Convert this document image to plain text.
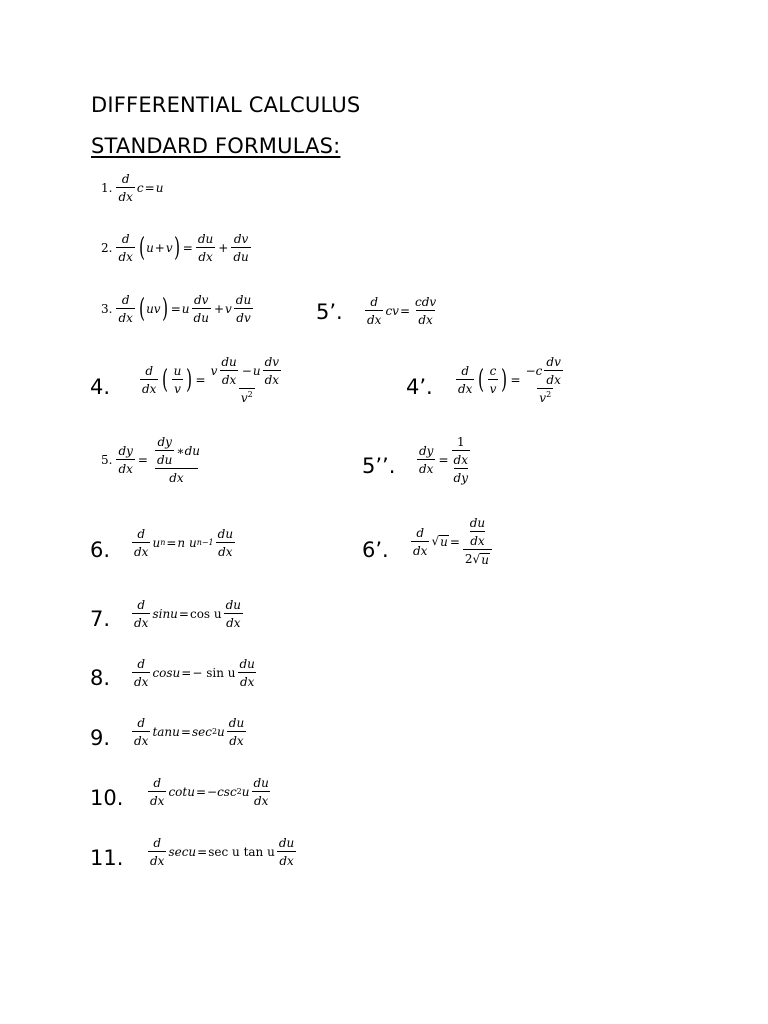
DIFFERENTIAL CALCULUS
STANDARD FORMULAS:
1.
d
dx
c = u
2.
d
dx
( u + v
) = $\frac{du}{dx} + \frac{dv}{du}$
3.
d
dx
( uv
) = u
dv
du
+ v
du
dv	5’. d
dx
cv =
cdv
dx
4.
d
dx
( u
v
)
=
v
du
dx
− u
dv
dx
$v^2$	4’.
d
dx
( c
v
)
=
−c
dv
dx
$v^2$
5. $\frac{dy}{dx}$ =
dy
du
∗ du
dx	5’’. $\frac{dy}{dx} = 1$
dx
dy
6.
d
dx
u n = n u n−1
du
dx	6’.
d
dx
√ u = du
dx
2 √ u
7.
d
dx
sinu = cos u
du
dx
8.
d
dx
cosu = − sin u
du
dx
9.
d
dx
tanu = sec 2 u
du
dx
10.
d
dx
cotu = −csc 2 u
du
dx
11.
d
dx
secu = sec u tan u
du
dx
